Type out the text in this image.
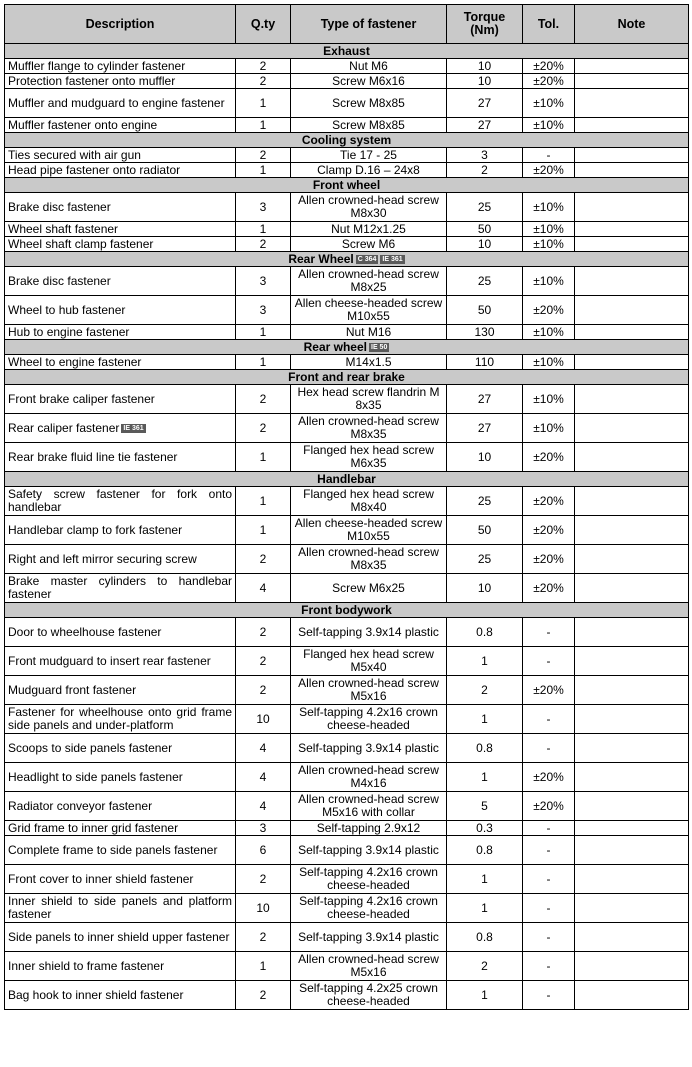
Description	Q.ty	Type of fastener	Torque (Nm)	Tol.	Note
Exhaust					
Muffler flange to cylinder fastener	2	Nut M6	10	±20%	
Protection fastener onto muffler	2	Screw M6x16	10	±20%	
Muffler and mudguard to engine fastener	1	Screw M8x85	27	±10%	
Muffler fastener onto engine	1	Screw M8x85	27	±10%	
Cooling system					
Ties secured with air gun	2	Tie 17 - 25	3	-	
Head pipe fastener onto radiator	1	Clamp D.16 – 24x8	2	±20%	
Front wheel					
Brake disc fastener	3	Allen crowned-head screw M8x30	25	±10%	
Wheel shaft fastener	1	Nut M12x1.25	50	±10%	
Wheel shaft clamp fastener	2	Screw M6	10	±10%	
Rear Wheel C 364 IE 361					
Brake disc fastener	3	Allen crowned-head screw M8x25	25	±10%	
Wheel to hub fastener	3	Allen cheese-headed screw M10x55	50	±20%	
Hub to engine fastener	1	Nut M16	130	±10%	
Rear wheel IE 50					
Wheel to engine fastener	1	M14x1.5	110	±10%	
Front and rear brake					
Front brake caliper fastener	2	Hex head screw flandrin M 8x35	27	±10%	
Rear caliper fastener IE 361	2	Allen crowned-head screw M8x35	27	±10%	
Rear brake fluid line tie fastener	1	Flanged hex head screw M6x35	10	±20%	
Handlebar					
Safety screw fastener for fork onto handlebar	1	Flanged hex head screw M8x40	25	±20%	
Handlebar clamp to fork fastener	1	Allen cheese-headed screw M10x55	50	±20%	
Right and left mirror securing screw	2	Allen crowned-head screw M8x35	25	±20%	
Brake master cylinders to handlebar fastener	4	Screw M6x25	10	±20%	
Front bodywork					
Door to wheelhouse fastener	2	Self-tapping 3.9x14 plastic	0.8	-	
Front mudguard to insert rear fastener	2	Flanged hex head screw M5x40	1	-	
Mudguard front fastener	2	Allen crowned-head screw M5x16	2	±20%	
Fastener for wheelhouse onto grid frame side panels and under-platform	10	Self-tapping 4.2x16 crown cheese-headed	1	-	
Scoops to side panels fastener	4	Self-tapping 3.9x14 plastic	0.8	-	
Headlight to side panels fastener	4	Allen crowned-head screw M4x16	1	±20%	
Radiator conveyor fastener	4	Allen crowned-head screw M5x16 with collar	5	±20%	
Grid frame to inner grid fastener	3	Self-tapping 2.9x12	0.3	-	
Complete frame to side panels fastener	6	Self-tapping 3.9x14 plastic	0.8	-	
Front cover to inner shield fastener	2	Self-tapping 4.2x16 crown cheese-headed	1	-	
Inner shield to side panels and platform fastener	10	Self-tapping 4.2x16 crown cheese-headed	1	-	
Side panels to inner shield upper fastener	2	Self-tapping 3.9x14 plastic	0.8	-	
Inner shield to frame fastener	1	Allen crowned-head screw M5x16	2	-	
Bag hook to inner shield fastener	2	Self-tapping 4.2x25 crown cheese-headed	1	-	
